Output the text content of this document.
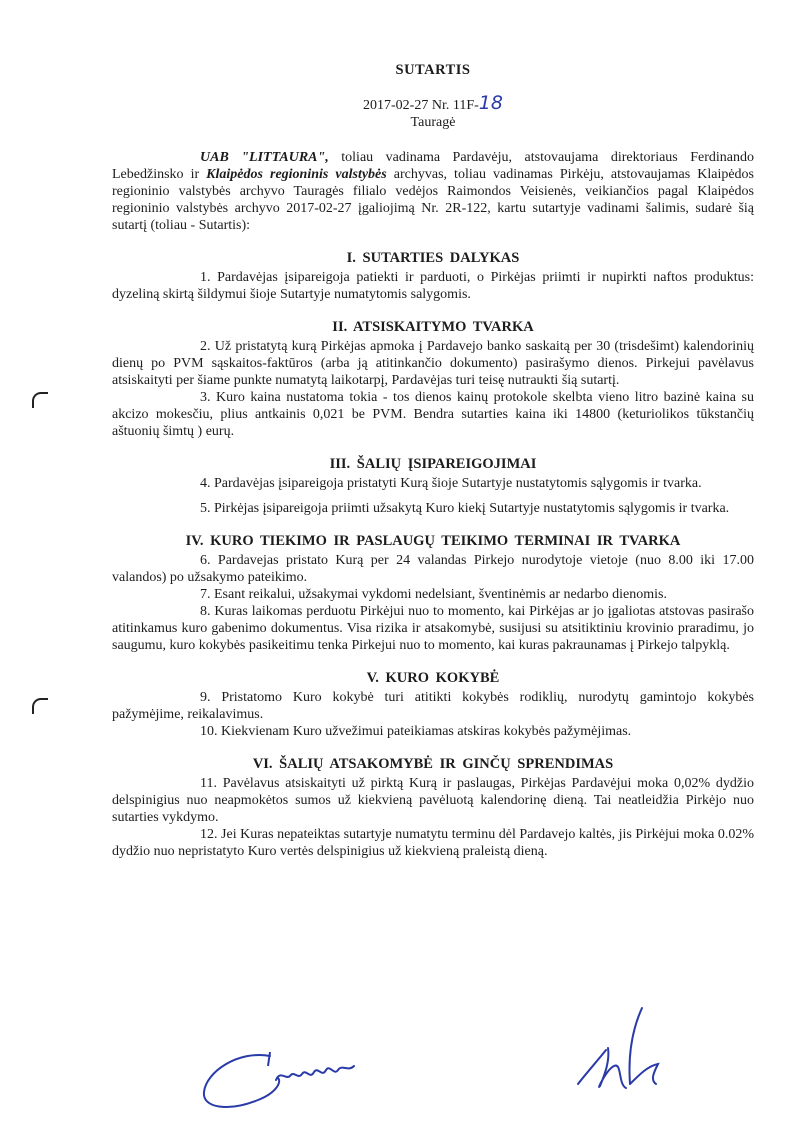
SUTARTIS

2017-02-27 Nr. 11F-18

Tauragė

UAB "LITTAURA", toliau vadinama Pardavėju, atstovaujama direktoriaus Ferdinando Lebedžinsko ir Klaipėdos regioninis valstybės archyvas, toliau vadinamas Pirkėju, atstovaujamas Klaipėdos regioninio valstybės archyvo Tauragės filialo vedėjos Raimondos Veisienės, veikiančios pagal Klaipėdos regioninio valstybės archyvo 2017-02-27 įgaliojimą Nr. 2R-122, kartu sutartyje vadinami šalimis, sudarė šią sutartį (toliau - Sutartis):

I. SUTARTIES DALYKAS

1. Pardavėjas įsipareigoja patiekti ir parduoti, o Pirkėjas priimti ir nupirkti naftos produktus: dyzeliną skirtą šildymui šioje Sutartyje numatytomis salygomis.

II. ATSISKAITYMO TVARKA

2. Už pristatytą kurą Pirkėjas apmoka į Pardavejo banko saskaitą per 30 (trisdešimt) kalendorinių dienų po PVM sąskaitos-faktūros (arba ją atitinkančio dokumento) pasirašymo dienos. Pirkejui pavėlavus atsiskaityti per šiame punkte numatytą laikotarpį, Pardavėjas turi teisę nutraukti šią sutartį.

3. Kuro kaina nustatoma tokia - tos dienos kainų protokole skelbta vieno litro bazinė kaina su akcizo mokesčiu, plius antkainis 0,021 be PVM. Bendra sutarties kaina iki 14800 (keturiolikos tūkstančių aštuonių šimtų ) eurų.

III. ŠALIŲ ĮSIPAREIGOJIMAI

4. Pardavėjas įsipareigoja pristatyti Kurą šioje Sutartyje nustatytomis sąlygomis ir tvarka.

5. Pirkėjas įsipareigoja priimti užsakytą Kuro kiekį Sutartyje nustatytomis sąlygomis ir tvarka.

IV. KURO TIEKIMO IR PASLAUGŲ TEIKIMO TERMINAI IR TVARKA

6. Pardavejas pristato Kurą per 24 valandas Pirkejo nurodytoje vietoje (nuo 8.00 iki 17.00 valandos) po užsakymo pateikimo.

7. Esant reikalui, užsakymai vykdomi nedelsiant, šventinėmis ar nedarbo dienomis.

8. Kuras laikomas perduotu Pirkėjui nuo to momento, kai Pirkėjas ar jo įgaliotas atstovas pasirašo atitinkamus kuro gabenimo dokumentus. Visa rizika ir atsakomybė, susijusi su atsitiktiniu krovinio praradimu, jo saugumu, kuro kokybės pasikeitimu tenka Pirkejui nuo to momento, kai kuras pakraunamas į Pirkejo talpyklą.

V. KURO KOKYBĖ

9. Pristatomo Kuro kokybė turi atitikti kokybės rodiklių, nurodytų gamintojo kokybės pažymėjime, reikalavimus.

10. Kiekvienam Kuro užvežimui pateikiamas atskiras kokybės pažymėjimas.

VI. ŠALIŲ ATSAKOMYBĖ IR GINČŲ SPRENDIMAS

11. Pavėlavus atsiskaityti už pirktą Kurą ir paslaugas, Pirkėjas Pardavėjui moka 0,02% dydžio delspinigius nuo neapmokėtos sumos už kiekvieną pavėluotą kalendorinę dieną. Tai neatleidžia Pirkėjo nuo sutarties vykdymo.

12. Jei Kuras nepateiktas sutartyje numatytu terminu dėl Pardavejo kaltės, jis Pirkėjui moka 0.02% dydžio nuo nepristatyto Kuro vertės delspinigius už kiekvieną praleistą dieną.
